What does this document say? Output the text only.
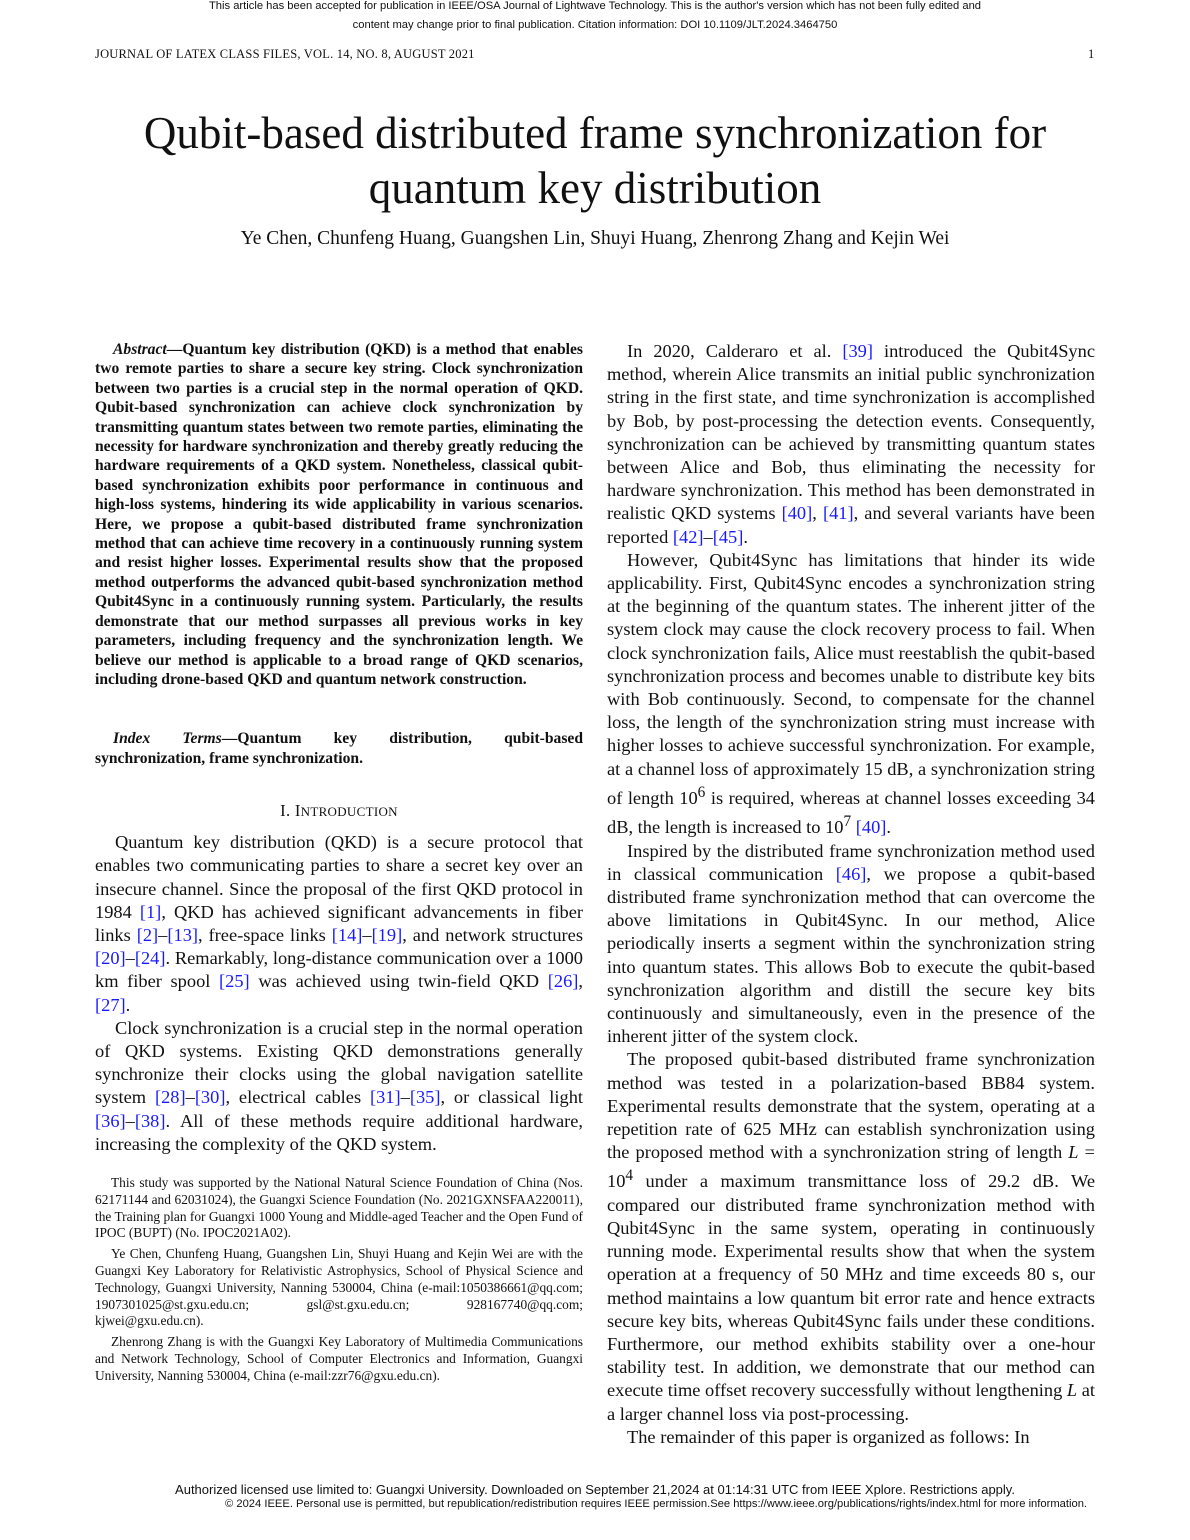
This article has been accepted for publication in IEEE/OSA Journal of Lightwave Technology. This is the author's version which has not been fully edited and
content may change prior to final publication. Citation information: DOI 10.1109/JLT.2024.3464750
JOURNAL OF LATEX CLASS FILES, VOL. 14, NO. 8, AUGUST 2021	1
Qubit-based distributed frame synchronization for quantum key distribution
Ye Chen, Chunfeng Huang, Guangshen Lin, Shuyi Huang, Zhenrong Zhang and Kejin Wei

Abstract—Quantum key distribution (QKD) is a method that enables two remote parties to share a secure key string. Clock synchronization between two parties is a crucial step in the normal operation of QKD. Qubit-based synchronization can achieve clock synchronization by transmitting quantum states between two remote parties, eliminating the necessity for hardware synchronization and thereby greatly reducing the hardware requirements of a QKD system. Nonetheless, classical qubit-based synchronization exhibits poor performance in continuous and high-loss systems, hindering its wide applicability in various scenarios. Here, we propose a qubit-based distributed frame synchronization method that can achieve time recovery in a continuously running system and resist higher losses. Experimental results show that the proposed method outperforms the advanced qubit-based synchronization method Qubit4Sync in a continuously running system. Particularly, the results demonstrate that our method surpasses all previous works in key parameters, including frequency and the synchronization length. We believe our method is applicable to a broad range of QKD scenarios, including drone-based QKD and quantum network construction.

Index Terms—Quantum key distribution, qubit-based synchronization, frame synchronization.

I. INTRODUCTION

Quantum key distribution (QKD) is a secure protocol that enables two communicating parties to share a secret key over an insecure channel. Since the proposal of the first QKD protocol in 1984 [1], QKD has achieved significant advancements in fiber links [2]–[13], free-space links [14]–[19], and network structures [20]–[24]. Remarkably, long-distance communication over a 1000 km fiber spool [25] was achieved using twin-field QKD [26], [27].

Clock synchronization is a crucial step in the normal operation of QKD systems. Existing QKD demonstrations generally synchronize their clocks using the global navigation satellite system [28]–[30], electrical cables [31]–[35], or classical light [36]–[38]. All of these methods require additional hardware, increasing the complexity of the QKD system.

This study was supported by the National Natural Science Foundation of China (Nos. 62171144 and 62031024), the Guangxi Science Foundation (No. 2021GXNSFAA220011), the Training plan for Guangxi 1000 Young and Middle-aged Teacher and the Open Fund of IPOC (BUPT) (No. IPOC2021A02).

Ye Chen, Chunfeng Huang, Guangshen Lin, Shuyi Huang and Kejin Wei are with the Guangxi Key Laboratory for Relativistic Astrophysics, School of Physical Science and Technology, Guangxi University, Nanning 530004, China (e-mail:1050386661@qq.com; 1907301025@st.gxu.edu.cn; gsl@st.gxu.edu.cn; 928167740@qq.com; kjwei@gxu.edu.cn).

Zhenrong Zhang is with the Guangxi Key Laboratory of Multimedia Communications and Network Technology, School of Computer Electronics and Information, Guangxi University, Nanning 530004, China (e-mail:zzr76@gxu.edu.cn).

In 2020, Calderaro et al. [39] introduced the Qubit4Sync method, wherein Alice transmits an initial public synchronization string in the first state, and time synchronization is accomplished by Bob, by post-processing the detection events. Consequently, synchronization can be achieved by transmitting quantum states between Alice and Bob, thus eliminating the necessity for hardware synchronization. This method has been demonstrated in realistic QKD systems [40], [41], and several variants have been reported [42]–[45].

However, Qubit4Sync has limitations that hinder its wide applicability. First, Qubit4Sync encodes a synchronization string at the beginning of the quantum states. The inherent jitter of the system clock may cause the clock recovery process to fail. When clock synchronization fails, Alice must reestablish the qubit-based synchronization process and becomes unable to distribute key bits with Bob continuously. Second, to compensate for the channel loss, the length of the synchronization string must increase with higher losses to achieve successful synchronization. For example, at a channel loss of approximately 15 dB, a synchronization string of length $10^6$ is required, whereas at channel losses exceeding 34 dB, the length is increased to $10^7$ [40].

Inspired by the distributed frame synchronization method used in classical communication [46], we propose a qubit-based distributed frame synchronization method that can overcome the above limitations in Qubit4Sync. In our method, Alice periodically inserts a segment within the synchronization string into quantum states. This allows Bob to execute the qubit-based synchronization algorithm and distill the secure key bits continuously and simultaneously, even in the presence of the inherent jitter of the system clock.

The proposed qubit-based distributed frame synchronization method was tested in a polarization-based BB84 system. Experimental results demonstrate that the system, operating at a repetition rate of 625 MHz can establish synchronization using the proposed method with a synchronization string of length $L = 10^4$ under a maximum transmittance loss of 29.2 dB. We compared our distributed frame synchronization method with Qubit4Sync in the same system, operating in continuously running mode. Experimental results show that when the system operation at a frequency of 50 MHz and time exceeds 80 s, our method maintains a low quantum bit error rate and hence extracts secure key bits, whereas Qubit4Sync fails under these conditions. Furthermore, our method exhibits stability over a one-hour stability test. In addition, we demonstrate that our method can execute time offset recovery successfully without lengthening L at a larger channel loss via post-processing.

The remainder of this paper is organized as follows: In

Authorized licensed use limited to: Guangxi University. Downloaded on September 21,2024 at 01:14:31 UTC from IEEE Xplore. Restrictions apply.
© 2024 IEEE. Personal use is permitted, but republication/redistribution requires IEEE permission.See https://www.ieee.org/publications/rights/index.html for more information.
